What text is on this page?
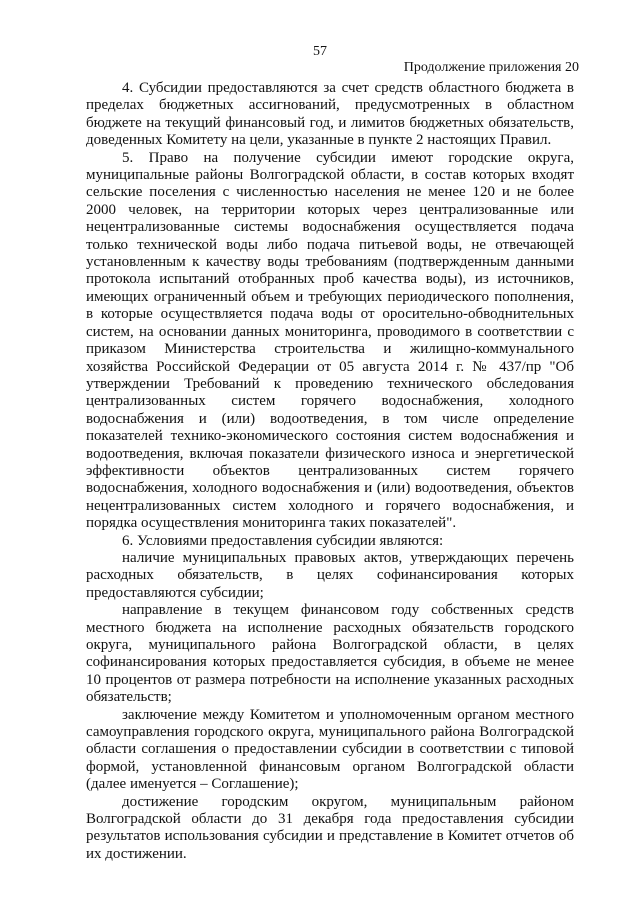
57
Продолжение приложения 20

4. Субсидии предоставляются за счет средств областного бюджета в пределах бюджетных ассигнований, предусмотренных в областном бюджете на текущий финансовый год, и лимитов бюджетных обязательств, доведенных Комитету на цели, указанные в пункте 2 настоящих Правил.

5. Право на получение субсидии имеют городские округа, муниципальные районы Волгоградской области, в состав которых входят сельские поселения с численностью населения не менее 120 и не более 2000 человек, на территории которых через централизованные или нецентрализованные системы водоснабжения осуществляется подача только технической воды либо подача питьевой воды, не отвечающей установленным к качеству воды требованиям (подтвержденным данными протокола испытаний отобранных проб качества воды), из источников, имеющих ограниченный объем и требующих периодического пополнения, в которые осуществляется подача воды от оросительно-обводнительных систем, на основании данных мониторинга, проводимого в соответствии с приказом Министерства строительства и жилищно-коммунального хозяйства Российской Федерации от 05 августа 2014 г. № 437/пр "Об утверждении Требований к проведению технического обследования централизованных систем горячего водоснабжения, холодного водоснабжения и (или) водоотведения, в том числе определение показателей технико-экономического состояния систем водоснабжения и водоотведения, включая показатели физического износа и энергетической эффективности объектов централизованных систем горячего водоснабжения, холодного водоснабжения и (или) водоотведения, объектов нецентрализованных систем холодного и горячего водоснабжения, и порядка осуществления мониторинга таких показателей".

6. Условиями предоставления субсидии являются:

наличие муниципальных правовых актов, утверждающих перечень расходных обязательств, в целях софинансирования которых предоставляются субсидии;

направление в текущем финансовом году собственных средств местного бюджета на исполнение расходных обязательств городского округа, муниципального района Волгоградской области, в целях софинансирования которых предоставляется субсидия, в объеме не менее 10 процентов от размера потребности на исполнение указанных расходных обязательств;

заключение между Комитетом и уполномоченным органом местного самоуправления городского округа, муниципального района Волгоградской области соглашения о предоставлении субсидии в соответствии с типовой формой, установленной финансовым органом Волгоградской области (далее именуется – Соглашение);

достижение городским округом, муниципальным районом Волгоградской области до 31 декабря года предоставления субсидии результатов использования субсидии и представление в Комитет отчетов об их достижении.
